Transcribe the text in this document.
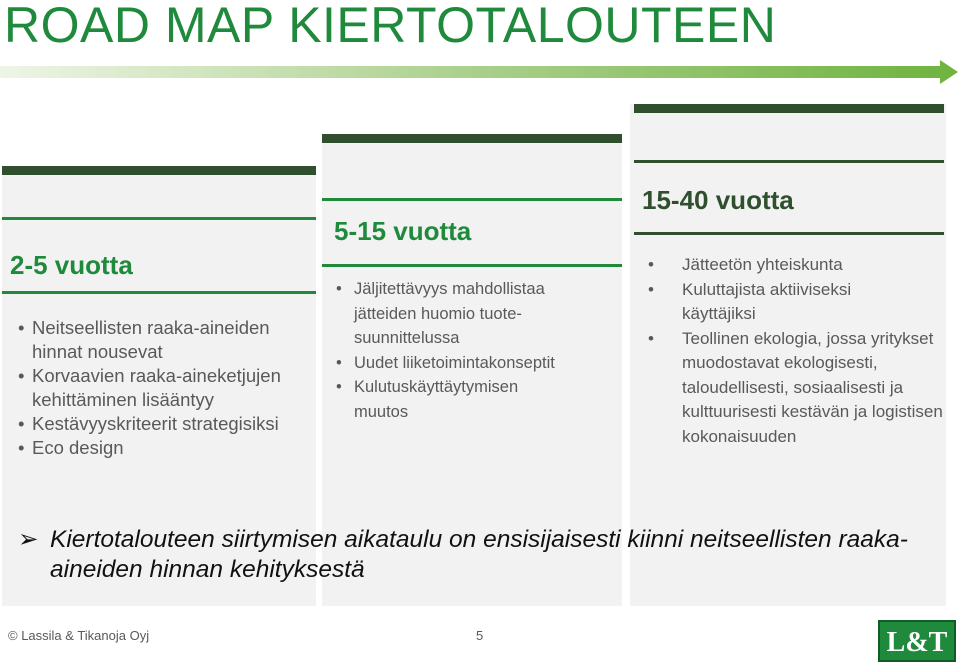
ROAD MAP KIERTOTALOUTEEN
2-5 vuotta
5-15 vuotta
15-40 vuotta
• Neitseellisten raaka-aineiden hinnat nousevat
• Korvaavien raaka-aineketjujen kehittäminen lisääntyy
• Kestävyyskriteerit strategisiksi
• Eco design
• Jäljitettävyys mahdollistaa jätteiden huomio tuote-suunnittelussa
• Uudet liiketoimintakonseptit
• Kulutuskäyttäytymisen muutos
• Jätteetön yhteiskunta
• Kuluttajista aktiiviseksi käyttäjiksi
• Teollinen ekologia, jossa yritykset muodostavat ekologisesti, taloudellisesti, sosiaalisesti ja kulttuurisesti kestävän ja logistisen kokonaisuuden
➢ Kiertotalouteen siirtymisen aikataulu on ensisijaisesti kiinni neitseellisten raaka-aineiden hinnan kehityksestä
© Lassila & Tikanoja Oyj	5	L&T
